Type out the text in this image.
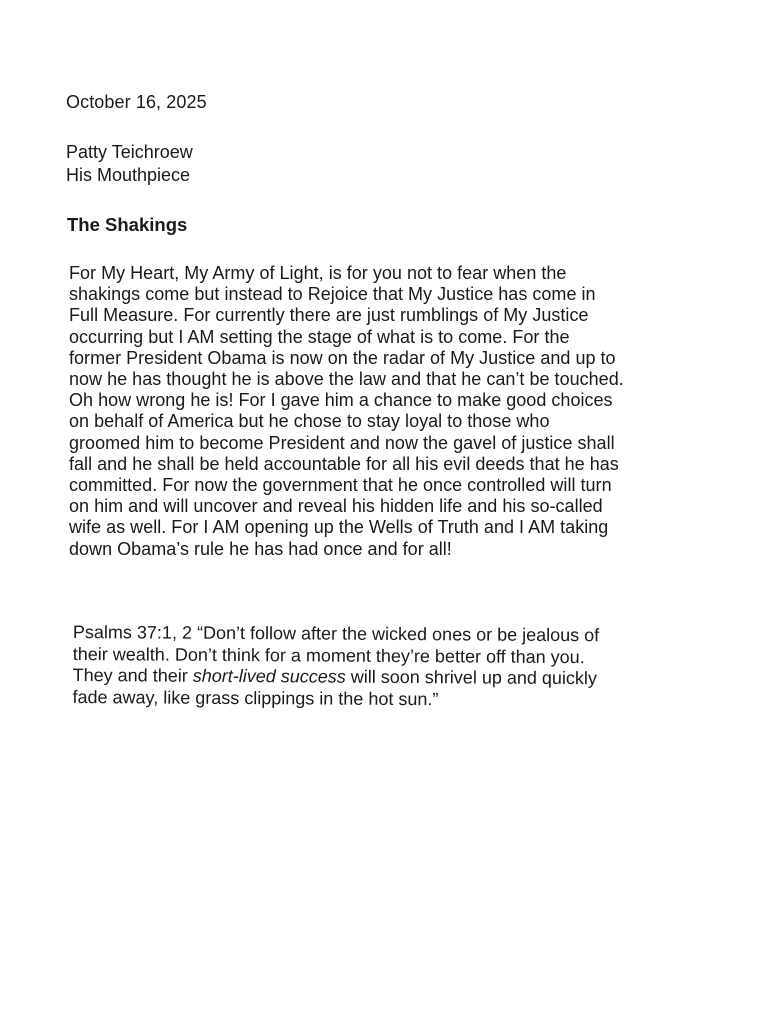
October 16, 2025
Patty Teichroew
His Mouthpiece
The Shakings
For My Heart, My Army of Light, is for you not to fear when the
shakings come but instead to Rejoice that My Justice has come in
Full Measure. For currently there are just rumblings of My Justice
occurring but I AM setting the stage of what is to come. For the
former President Obama is now on the radar of My Justice and up to
now he has thought he is above the law and that he can’t be touched.
Oh how wrong he is! For I gave him a chance to make good choices
on behalf of America but he chose to stay loyal to those who
groomed him to become President and now the gavel of justice shall
fall and he shall be held accountable for all his evil deeds that he has
committed. For now the government that he once controlled will turn
on him and will uncover and reveal his hidden life and his so-called
wife as well. For I AM opening up the Wells of Truth and I AM taking
down Obama’s rule he has had once and for all!
Psalms 37:1, 2 “Don’t follow after the wicked ones or be jealous of
their wealth. Don’t think for a moment they’re better off than you.
They and their short-lived success will soon shrivel up and quickly
fade away, like grass clippings in the hot sun.”
